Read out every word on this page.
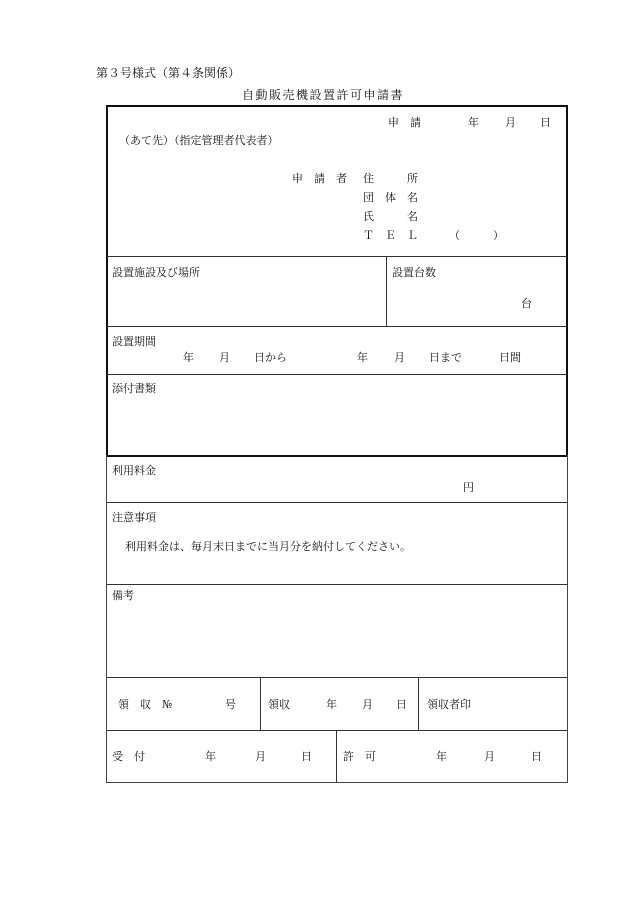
第３号様式（第４条関係）
自動販売機設置許可申請書
申　請	年 月 日
（あて先）（指定管理者代表者）
申　請　者 住　　　所
団　体　名
氏　　　名
Ｔ　Ｅ　Ｌ	（　　　）
設置施設及び場所	設置台数
台
設置期間
年 月 日から	年 月 日まで	日間
添付書類
利用料金
円
注意事項
利用料金は、毎月末日までに当月分を納付してください。
備考
領　収　№	号	領収	年 月 日 領収者印
受　付	年	月	日	許　可	年	月	日
